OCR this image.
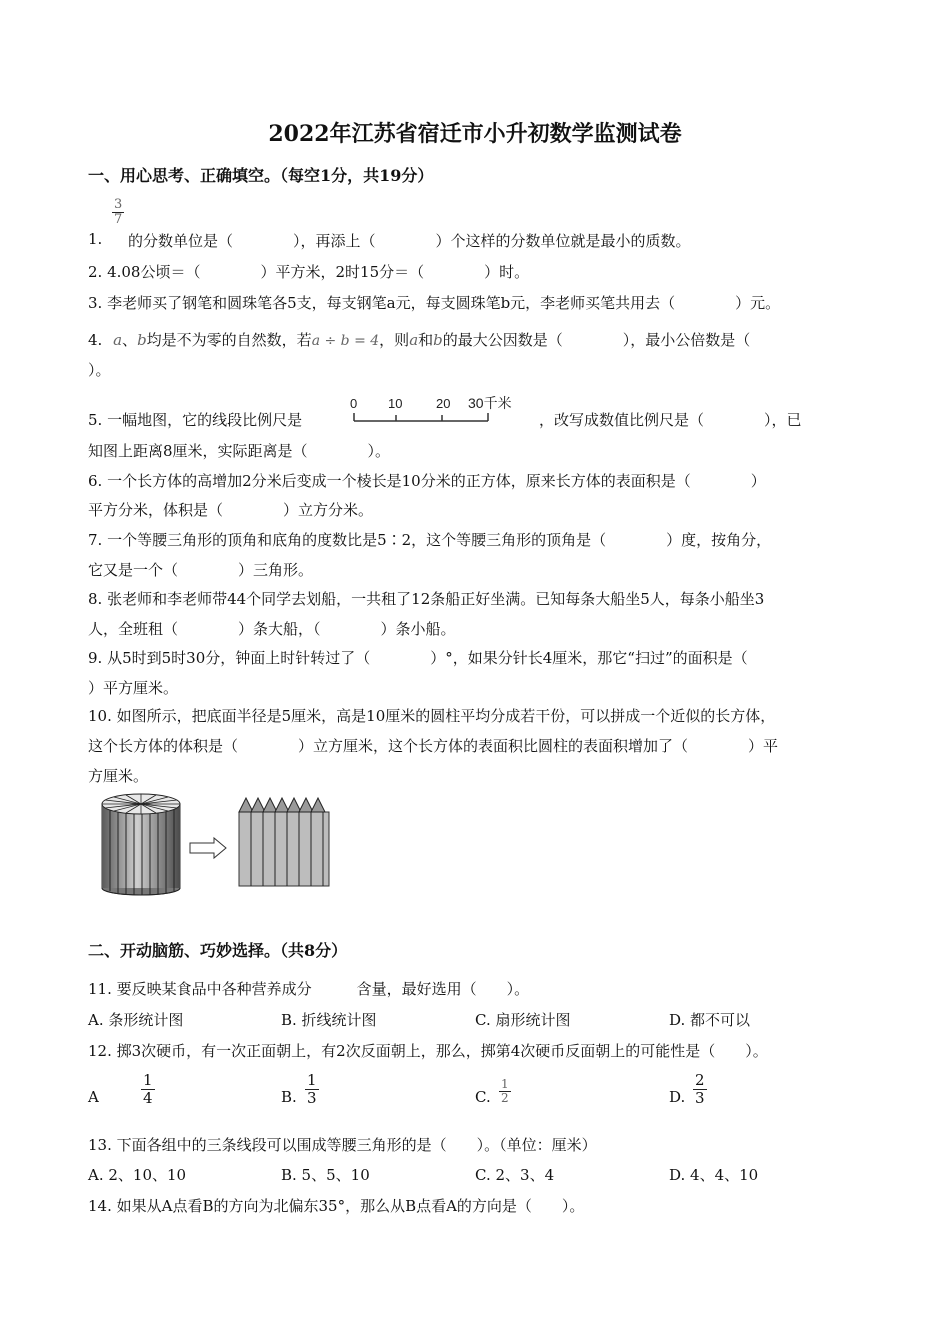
2022年江苏省宿迁市小升初数学监测试卷
一、用心思考、正确填空。（每空1分，共19分）
1.
$\frac{3}{7}$
的分数单位是（　　　　），再添上（　　　　）个这样的分数单位就是最小的质数。
2. 4.08公顷＝（　　　　）平方米，2时15分＝（　　　　）时。
3. 李老师买了钢笔和圆珠笔各5支，每支钢笔a元，每支圆珠笔b元，李老师买笔共用去（　　　　）元。
4. a、b均是不为零的自然数，若a ÷ b = 4，则a和b的最大公因数是（　　　　），最小公倍数是（
）。
5. 一幅地图，它的线段比例尺是
0 10	20 30千米
，改写成数值比例尺是（　　　　），已
知图上距离8厘米，实际距离是（　　　　）。
6. 一个长方体的高增加2分米后变成一个棱长是10分米的正方体，原来长方体的表面积是（　　　　）
平方分米，体积是（　　　　）立方分米。
7. 一个等腰三角形的顶角和底角的度数比是5∶2，这个等腰三角形的顶角是（　　　　）度，按角分，
它又是一个（　　　　）三角形。
8. 张老师和李老师带44个同学去划船，一共租了12条船正好坐满。已知每条大船坐5人，每条小船坐3
人，全班租（　　　　）条大船，（　　　　）条小船。
9. 从5时到5时30分，钟面上时针转过了（　　　　）°，如果分针长4厘米，那它“扫过”的面积是（
）平方厘米。
10. 如图所示，把底面半径是5厘米，高是10厘米的圆柱平均分成若干份，可以拼成一个近似的长方体，
这个长方体的体积是（　　　　）立方厘米，这个长方体的表面积比圆柱的表面积增加了（　　　　）平
方厘米。
二、开动脑筋、巧妙选择。（共8分）
11. 要反映某食品中各种营养成分　　　含量，最好选用（　　）。
A. 条形统计图	B. 折线统计图	C. 扇形统计图	D. 都不可以
12. 掷3次硬币，有一次正面朝上，有2次反面朝上，那么，掷第4次硬币反面朝上的可能性是（　　）。
A	$\frac{1}{4}$	B. $\frac{1}{3}$	C. $\frac{1}{2}$	D. $\frac{2}{3}$
13. 下面各组中的三条线段可以围成等腰三角形的是（　　）。（单位：厘米）
A. 2、10、10	B. 5、5、10	C. 2、3、4	D. 4、4、10
14. 如果从A点看B的方向为北偏东35°，那么从B点看A的方向是（　　）。
